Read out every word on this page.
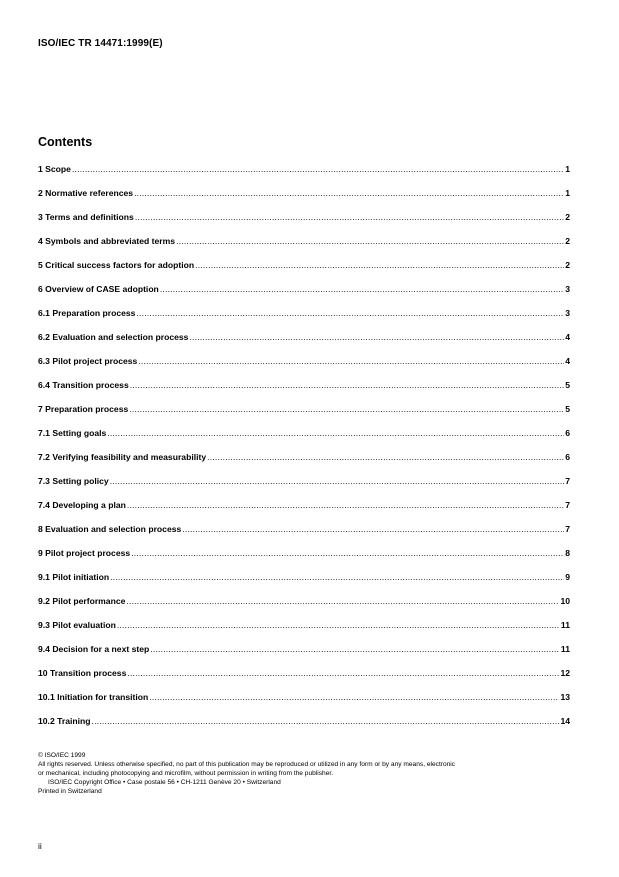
ISO/IEC TR 14471:1999(E)
Contents
1 Scope .....	1
2 Normative references .....	1
3 Terms and definitions .....	2
4 Symbols and abbreviated terms .....	2
5 Critical success factors for adoption .....	2
6 Overview of CASE adoption .....	3
6.1 Preparation process .....	3
6.2 Evaluation and selection process .....	4
6.3 Pilot project process .....	4
6.4 Transition process .....	5
7 Preparation process .....	5
7.1 Setting goals .....	6
7.2 Verifying feasibility and measurability .....	6
7.3 Setting policy .....	7
7.4 Developing a plan .....	7
8 Evaluation and selection process .....	7
9 Pilot project process .....	8
9.1 Pilot initiation .....	9
9.2 Pilot performance .....	10
9.3 Pilot evaluation .....	11
9.4 Decision for a next step .....	11
10 Transition process .....	12
10.1 Initiation for transition .....	13
10.2 Training .....	14
© ISO/IEC 1999
All rights reserved. Unless otherwise specified, no part of this publication may be reproduced or utilized in any form or by any means, electronic
or mechanical, including photocopying and microfilm, without permission in writing from the publisher.
ISO/IEC Copyright Office • Case postale 56 • CH-1211 Genève 20 • Switzerland
Printed in Switzerland
ii
